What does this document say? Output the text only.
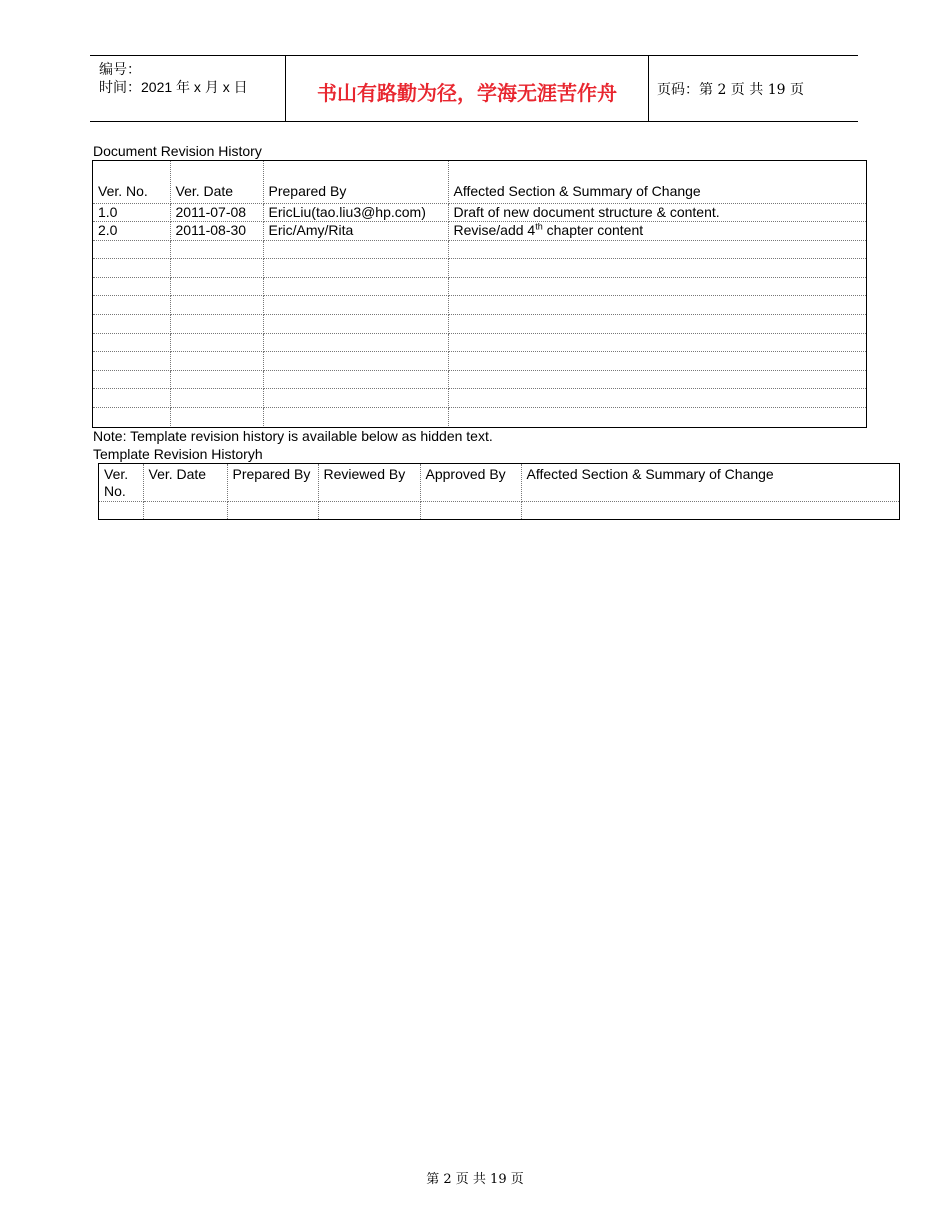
编号：
时间：2021 年 x 月 x 日	书山有路勤为径，学海无涯苦作舟	页码：第 2 页 共 19 页
Document Revision History
Ver. No.	Ver. Date	Prepared By	Affected Section & Summary of Change
1.0	2011-07-08	EricLiu(tao.liu3@hp.com)	Draft of new document structure & content.
2.0	2011-08-30	Eric/Amy/Rita	Revise/add 4th chapter content

Note: Template revision history is available below as hidden text.
Template Revision Historyh
Ver. No.	Ver. Date	Prepared By	Reviewed By	Approved By	Affected Section & Summary of Change

第 2 页 共 19 页
